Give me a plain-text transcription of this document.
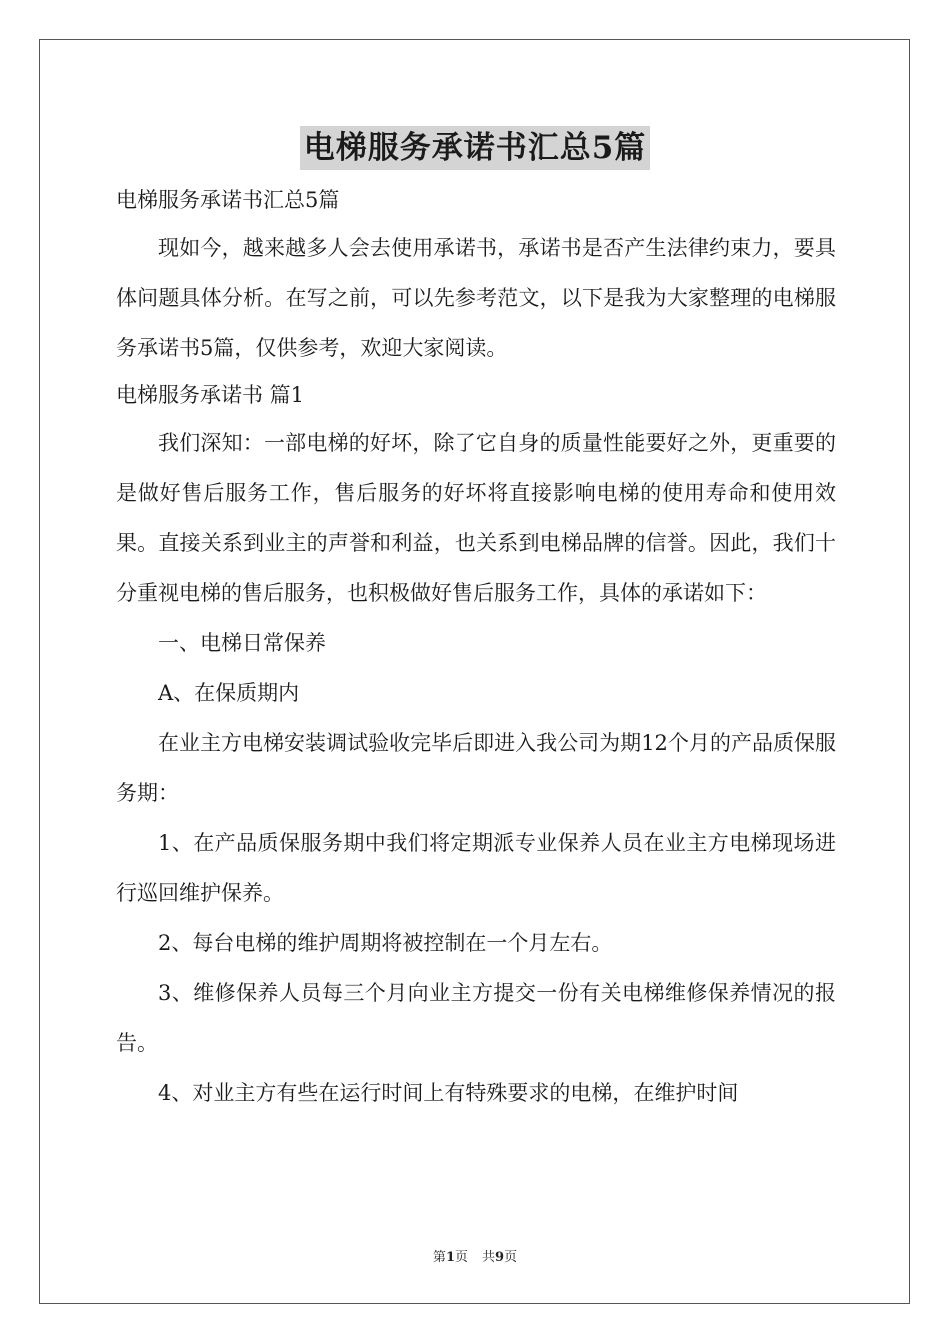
电梯服务承诺书汇总5篇

电梯服务承诺书汇总5篇

现如今，越来越多人会去使用承诺书，承诺书是否产生法律约束力，要具体问题具体分析。在写之前，可以先参考范文，以下是我为大家整理的电梯服务承诺书5篇，仅供参考，欢迎大家阅读。

电梯服务承诺书 篇1

我们深知：一部电梯的好坏，除了它自身的质量性能要好之外，更重要的是做好售后服务工作，售后服务的好坏将直接影响电梯的使用寿命和使用效果。直接关系到业主的声誉和利益，也关系到电梯品牌的信誉。因此，我们十分重视电梯的售后服务，也积极做好售后服务工作，具体的承诺如下：

一、电梯日常保养

A、在保质期内

在业主方电梯安装调试验收完毕后即进入我公司为期12个月的产品质保服务期：

1、在产品质保服务期中我们将定期派专业保养人员在业主方电梯现场进行巡回维护保养。

2、每台电梯的维护周期将被控制在一个月左右。

3、维修保养人员每三个月向业主方提交一份有关电梯维修保养情况的报告。

4、对业主方有些在运行时间上有特殊要求的电梯，在维护时间

第1页 共9页
